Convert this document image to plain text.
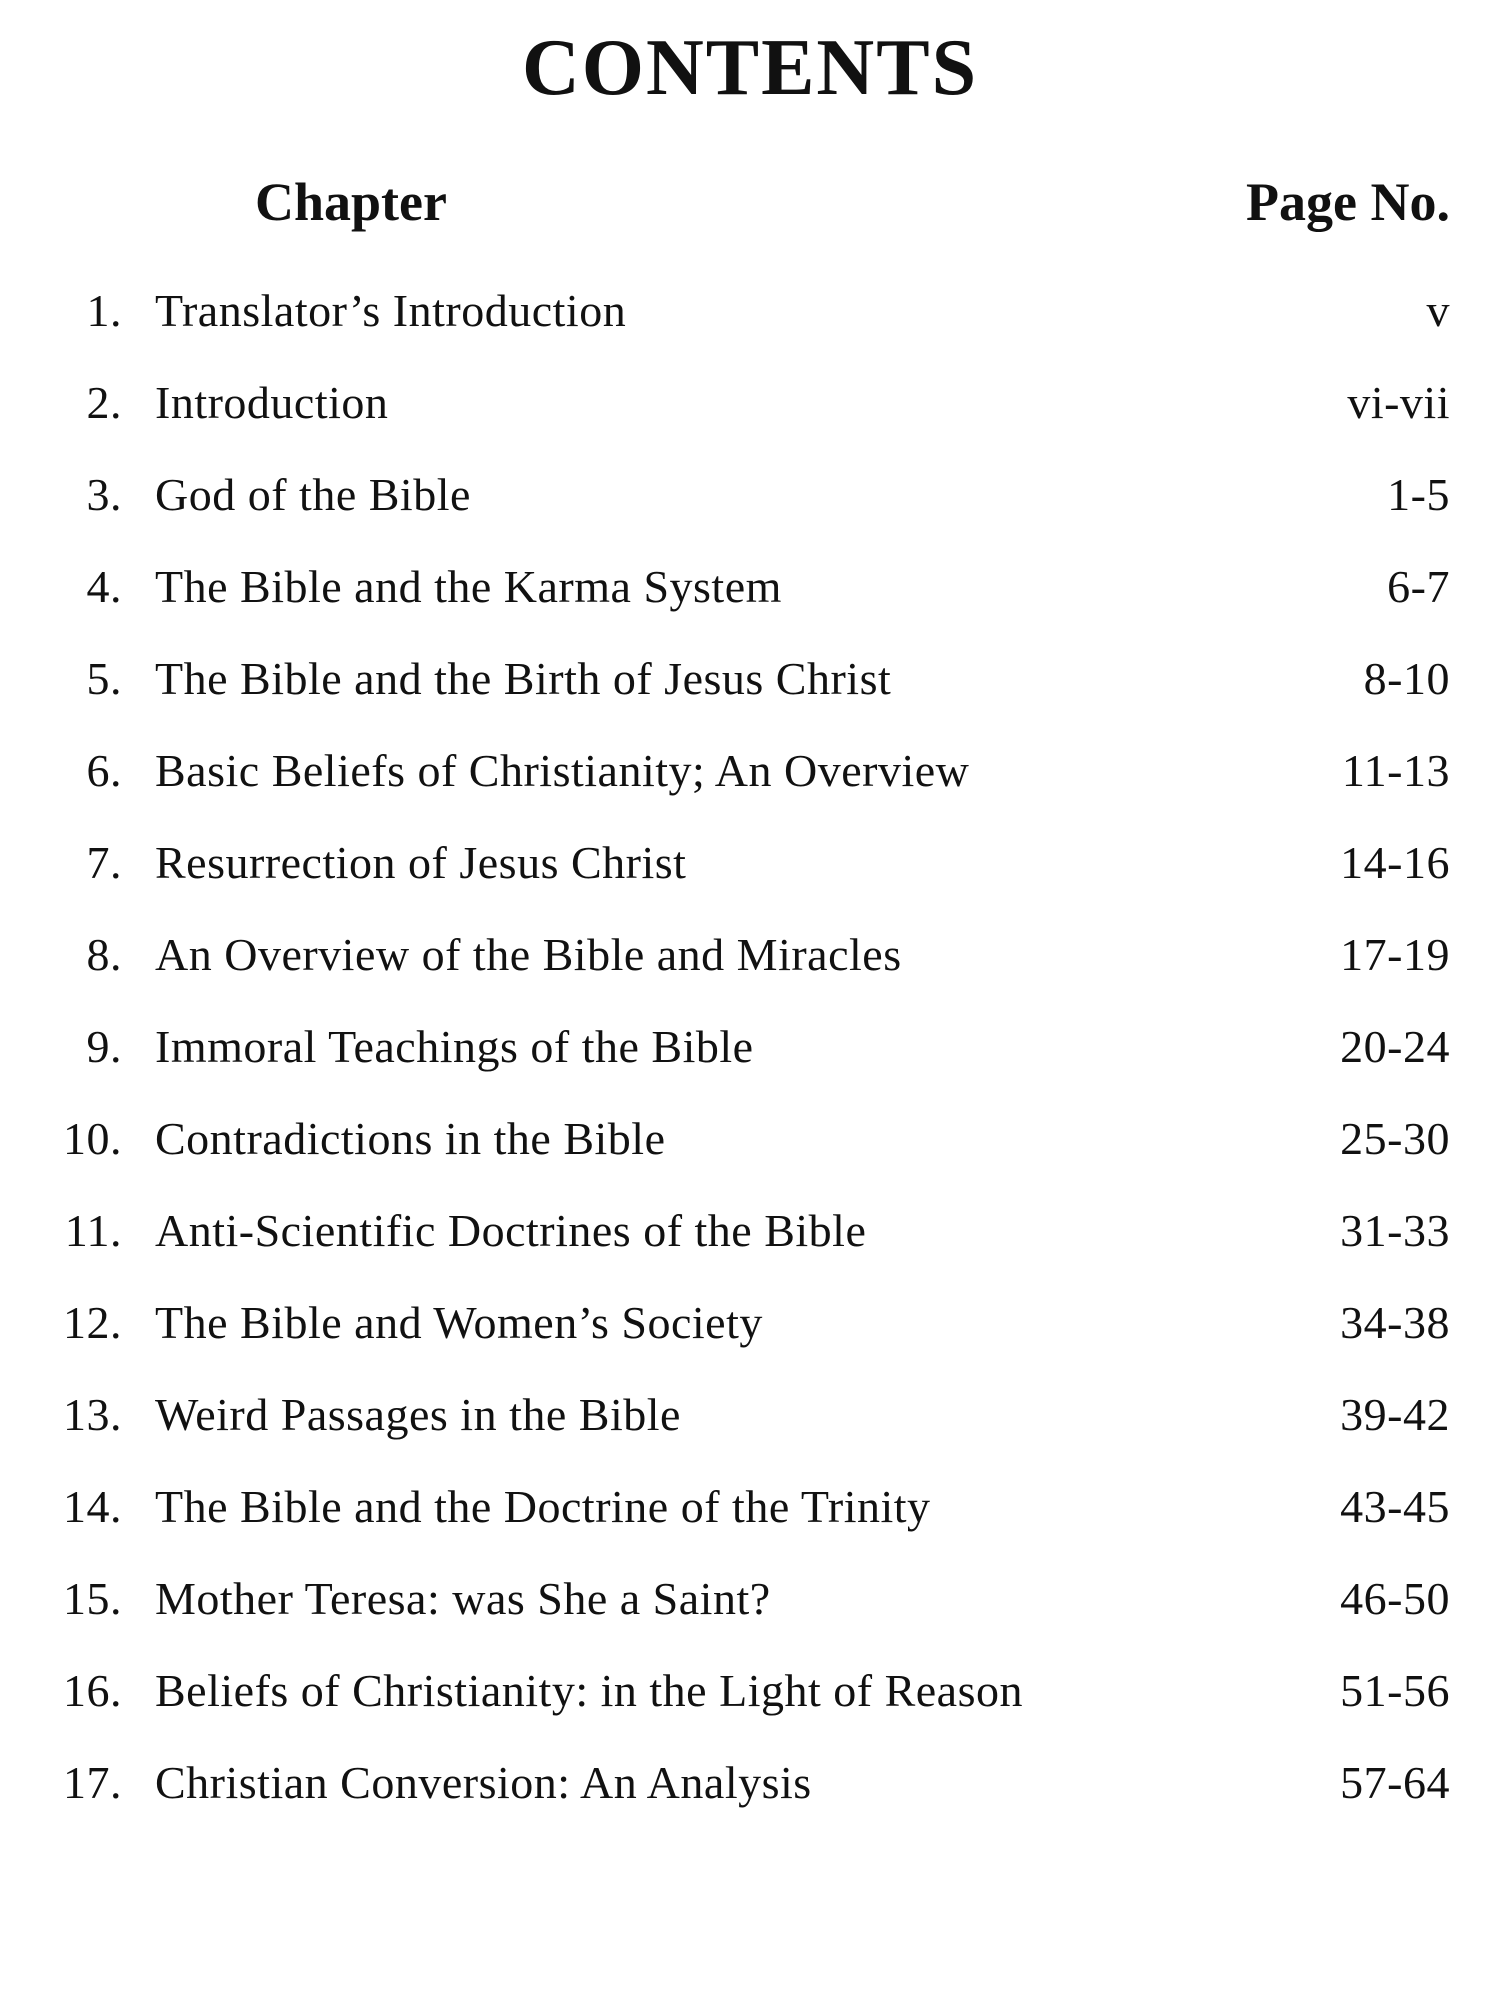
CONTENTS
Chapter	Page No.
1. Translator’s Introduction	v
2. Introduction	vi-vii
3. God of the Bible	1-5
4. The Bible and the Karma System	6-7
5. The Bible and the Birth of Jesus Christ	8-10
6. Basic Beliefs of Christianity; An Overview	11-13
7. Resurrection of Jesus Christ	14-16
8. An Overview of the Bible and Miracles	17-19
9. Immoral Teachings of the Bible	20-24
10. Contradictions in the Bible	25-30
11. Anti-Scientific Doctrines of the Bible	31-33
12. The Bible and Women’s Society	34-38
13. Weird Passages in the Bible	39-42
14. The Bible and the Doctrine of the Trinity	43-45
15. Mother Teresa: was She a Saint?	46-50
16. Beliefs of Christianity: in the Light of Reason	51-56
17. Christian Conversion: An Analysis	57-64
